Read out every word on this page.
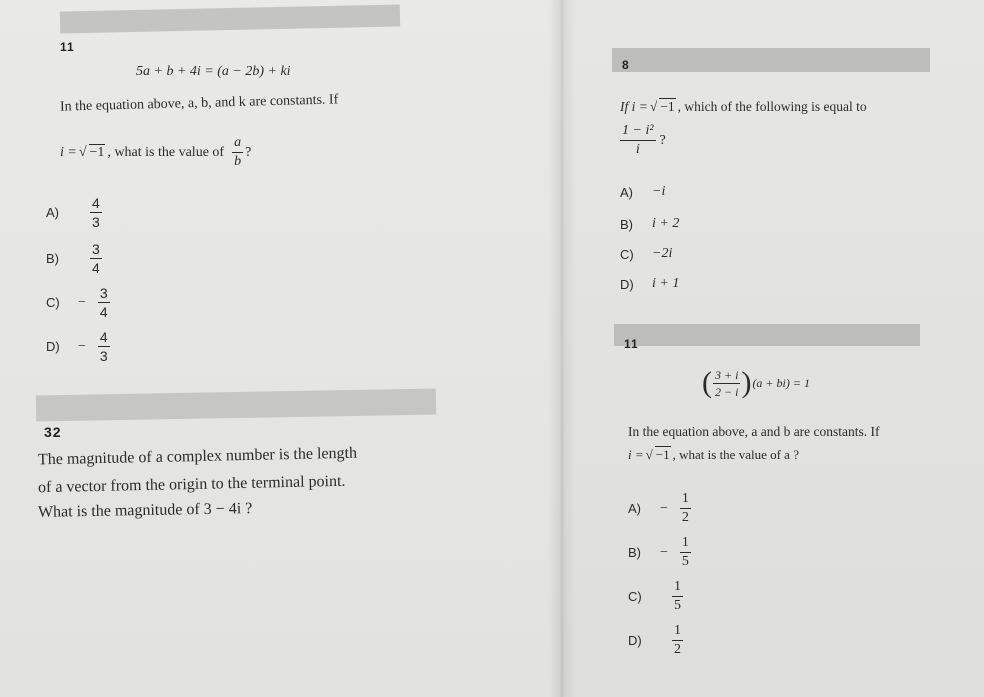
11
5a + b + 4i = (a − 2b) + ki
In the equation above, a, b, and k are constants. If
i = √ −1 , what is the value of $\frac{a}{b}$ ?
A)	$\frac{4}{3}$
B)	$\frac{3}{4}$
C)	− $\frac{3}{4}$
D)	− $\frac{4}{3}$
32
The magnitude of a complex number is the length
of a vector from the origin to the terminal point.
What is the magnitude of 3 − 4i ?
8
If i = √ −1 , which of the following is equal to
$\frac{\text{1 − i²}}{i}$ ?
A)	−i
B)	i + 2
C)	−2i
D)	i + 1
11
( $\frac{3 + i}{2 - i}$ ) (a + bi) = 1
In the equation above, a and b are constants. If
i = √ −1 , what is the value of a ?
A)	− $\frac{1}{2}$
B)	− $\frac{1}{5}$
C)	$\frac{1}{5}$
D)	$\frac{1}{2}$
